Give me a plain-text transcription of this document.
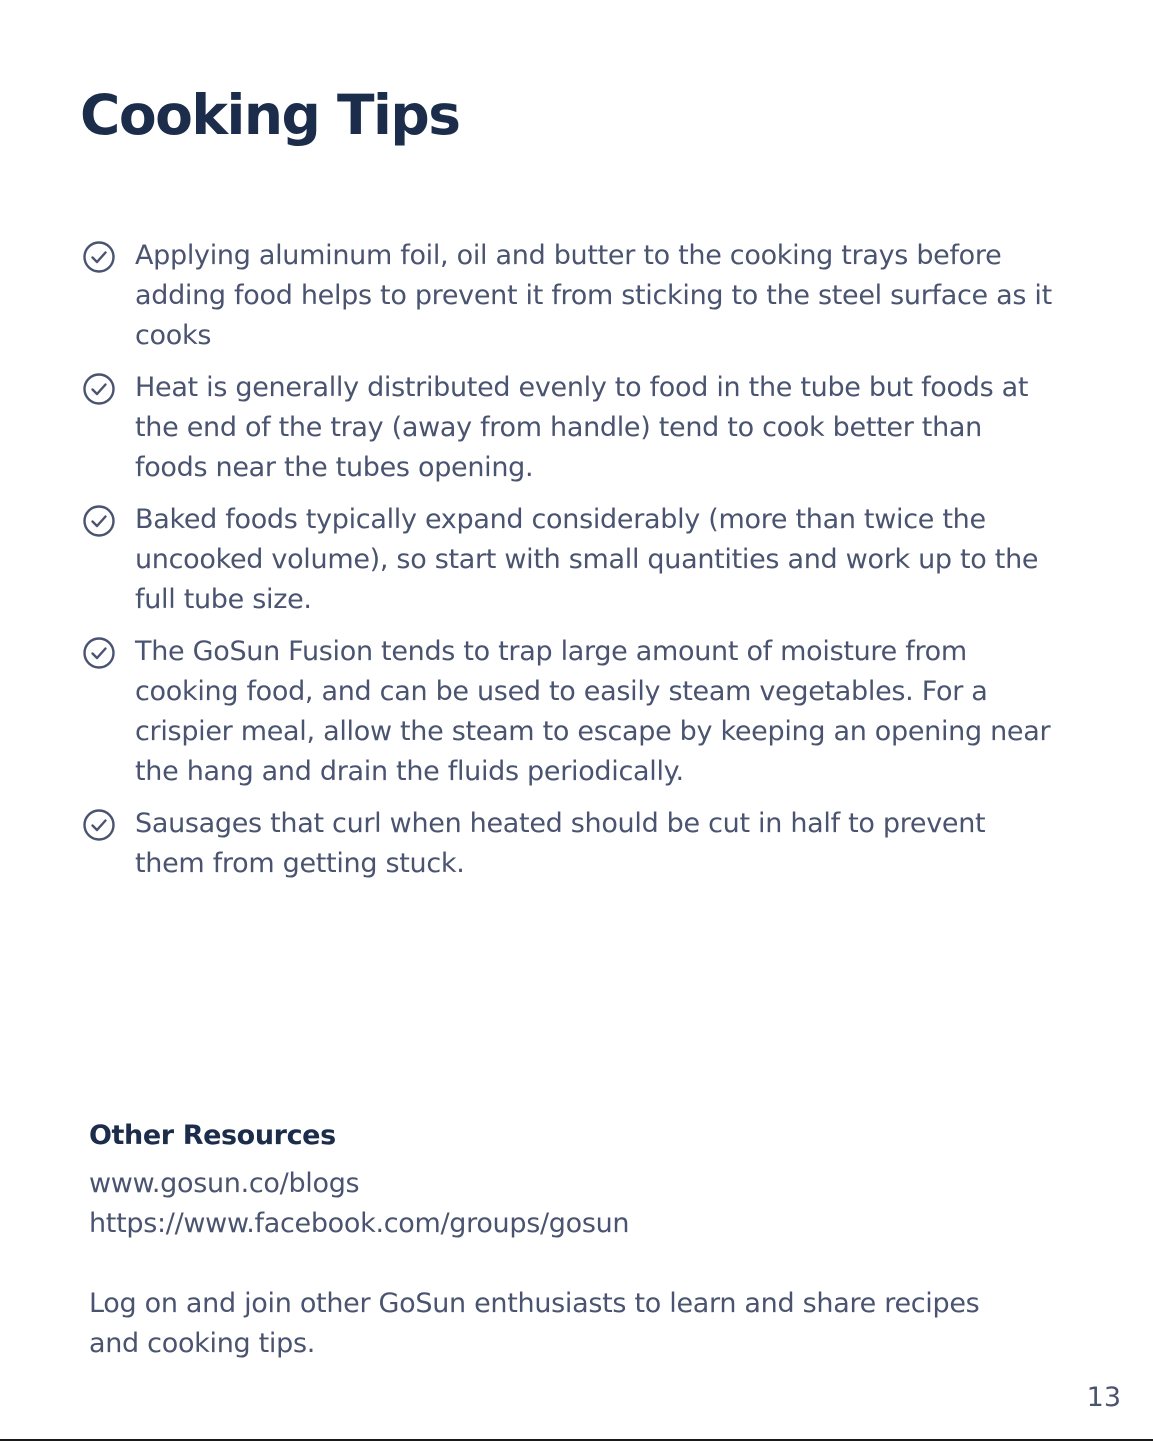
Cooking Tips
Applying aluminum foil, oil and butter to the cooking trays before adding food helps to prevent it from sticking to the steel surface as it cooks
Heat is generally distributed evenly to food in the tube but foods at the end of the tray (away from handle) tend to cook better than foods near the tubes opening.
Baked foods typically expand considerably (more than twice the uncooked volume), so start with small quantities and work up to the full tube size.
The GoSun Fusion tends to trap large amount of moisture from cooking food, and can be used to easily steam vegetables. For a crispier meal, allow the steam to escape by keeping an opening near the hang and drain the fluids periodically.
Sausages that curl when heated should be cut in half to prevent them from getting stuck.
Other Resources
www.gosun.co/blogs
https://www.facebook.com/groups/gosun

Log on and join other GoSun enthusiasts to learn and share recipes and cooking tips.

13
